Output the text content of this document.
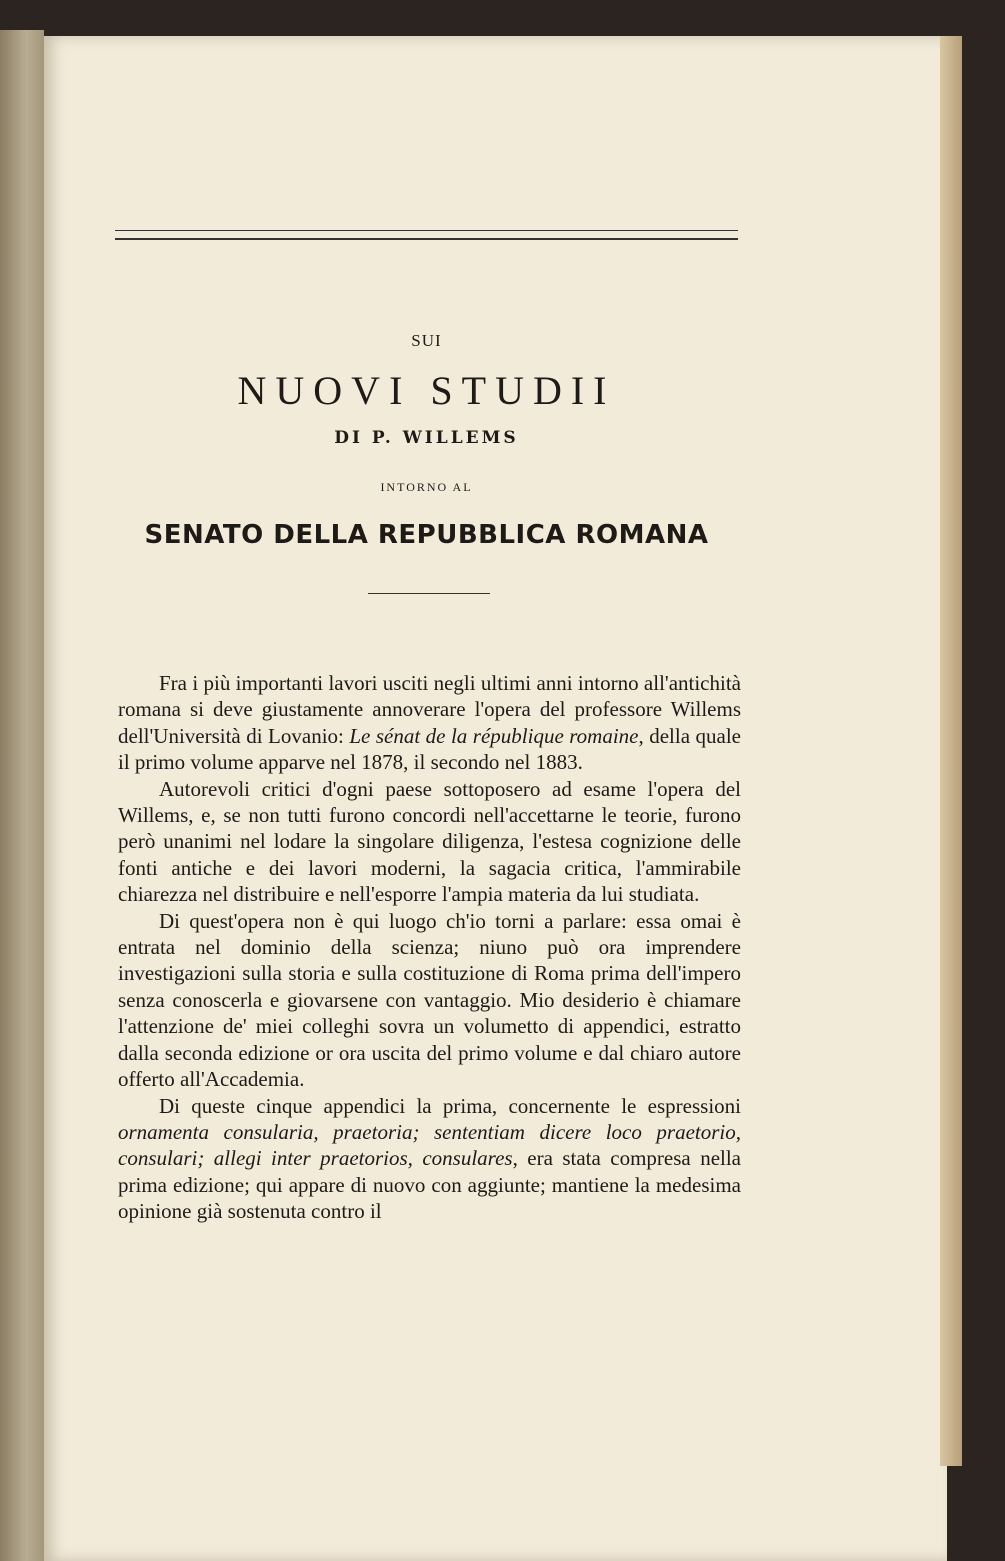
SUI
NUOVI STUDII
DI P. WILLEMS
INTORNO AL
SENATO DELLA REPUBBLICA ROMANA

Fra i più importanti lavori usciti negli ultimi anni intorno all'antichità romana si deve giustamente annoverare l'opera del professore Willems dell'Università di Lovanio: Le sénat de la république romaine, della quale il primo volume apparve nel 1878, il secondo nel 1883.

Autorevoli critici d'ogni paese sottoposero ad esame l'opera del Willems, e, se non tutti furono concordi nell'accettarne le teorie, furono però unanimi nel lodare la singolare diligenza, l'estesa cognizione delle fonti antiche e dei lavori moderni, la sagacia critica, l'ammirabile chiarezza nel distribuire e nell'esporre l'ampia materia da lui studiata.

Di quest'opera non è qui luogo ch'io torni a parlare: essa omai è entrata nel dominio della scienza; niuno può ora imprendere investigazioni sulla storia e sulla costituzione di Roma prima dell'impero senza conoscerla e giovarsene con vantaggio. Mio desiderio è chiamare l'attenzione de' miei colleghi sovra un volumetto di appendici, estratto dalla seconda edizione or ora uscita del primo volume e dal chiaro autore offerto all'Accademia.

Di queste cinque appendici la prima, concernente le espressioni ornamenta consularia, praetoria; sententiam dicere loco praetorio, consulari; allegi inter praetorios, consulares, era stata compresa nella prima edizione; qui appare di nuovo con aggiunte; mantiene la medesima opinione già sostenuta contro il
